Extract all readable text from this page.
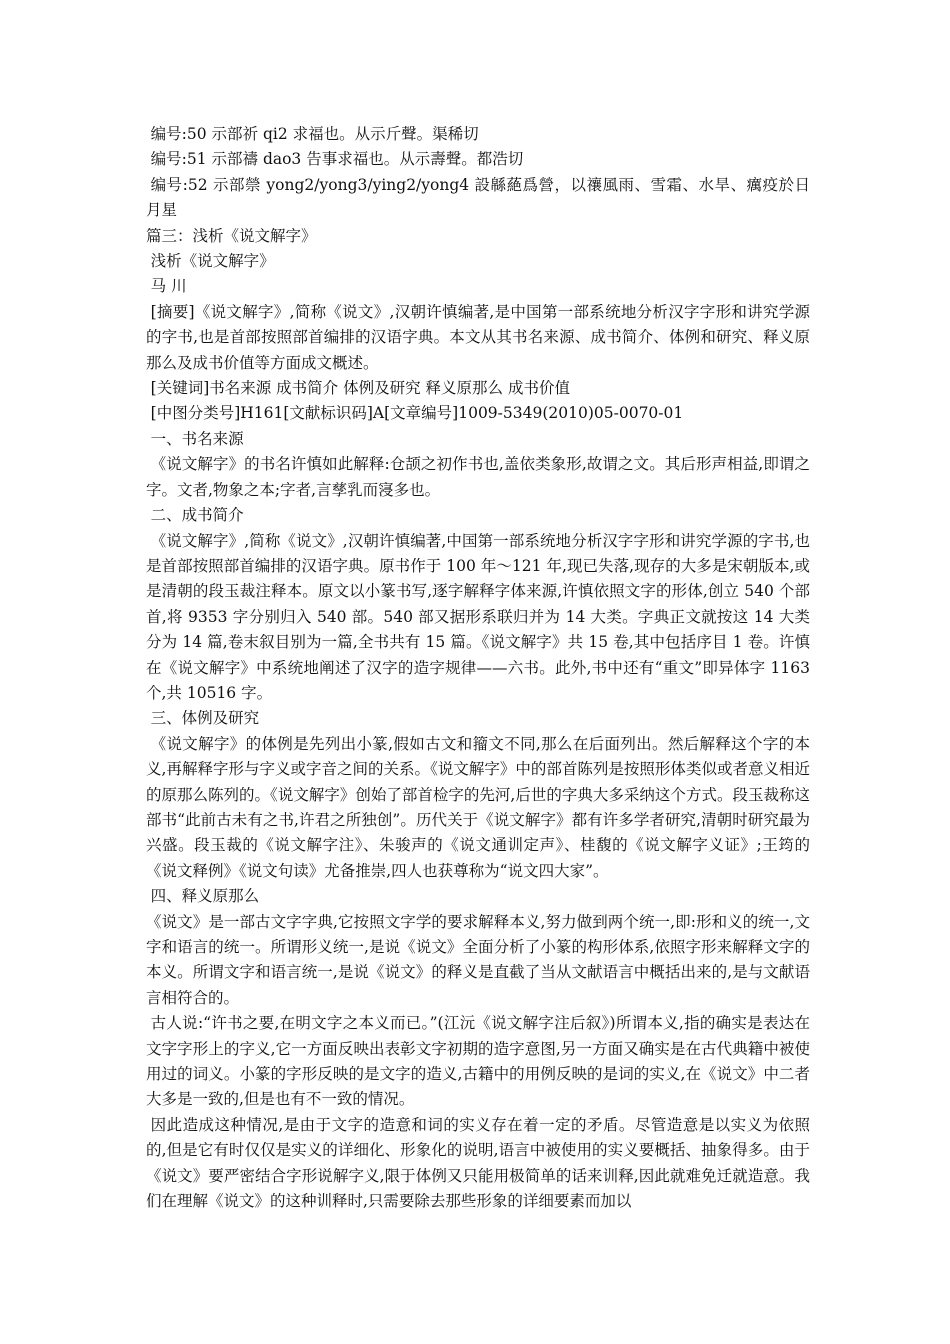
编号:50 示部祈 qi2 求福也。从示斤聲。渠稀切

编号:51 示部禱 dao3 告事求福也。从示壽聲。都浩切

编号:52 示部禜 yong2/yong3/ying2/yong4 設緜蕝爲營，以禳風雨、雪霜、水旱、癘疫於日月星

篇三：浅析《说文解字》

浅析《说文解字》

马 川

[摘要]《说文解字》,简称《说文》,汉朝许慎编著,是中国第一部系统地分析汉字字形和讲究学源的字书,也是首部按照部首编排的汉语字典。本文从其书名来源、成书简介、体例和研究、释义原那么及成书价值等方面成文概述。

[关键词]书名来源 成书简介 体例及研究 释义原那么 成书价值

[中图分类号]H161[文献标识码]A[文章编号]1009-5349(2010)05-0070-01

一、书名来源

《说文解字》的书名许慎如此解释:仓颉之初作书也,盖依类象形,故谓之文。其后形声相益,即谓之字。文者,物象之本;字者,言孳乳而寖多也。

二、成书简介

《说文解字》,简称《说文》,汉朝许慎编著,中国第一部系统地分析汉字字形和讲究学源的字书,也是首部按照部首编排的汉语字典。原书作于 100 年～121 年,现已失落,现存的大多是宋朝版本,或是清朝的段玉裁注释本。原文以小篆书写,逐字解释字体来源,许慎依照文字的形体,创立 540 个部首,将 9353 字分别归入 540 部。540 部又据形系联归并为 14 大类。字典正文就按这 14 大类分为 14 篇,卷末叙目别为一篇,全书共有 15 篇。《说文解字》共 15 卷,其中包括序目 1 卷。许慎在《说文解字》中系统地阐述了汉字的造字规律——六书。此外,书中还有“重文”即异体字 1163 个,共 10516 字。

三、体例及研究

《说文解字》的体例是先列出小篆,假如古文和籀文不同,那么在后面列出。然后解释这个字的本义,再解释字形与字义或字音之间的关系。《说文解字》中的部首陈列是按照形体类似或者意义相近的原那么陈列的。《说文解字》创始了部首检字的先河,后世的字典大多采纳这个方式。段玉裁称这部书“此前古未有之书,许君之所独创”。历代关于《说文解字》都有许多学者研究,清朝时研究最为兴盛。段玉裁的《说文解字注》、朱骏声的《说文通训定声》、桂馥的《说文解字义证》;王筠的《说文释例》《说文句读》尤备推崇,四人也获尊称为“说文四大家”。

四、释义原那么

《说文》是一部古文字字典,它按照文字学的要求解释本义,努力做到两个统一,即:形和义的统一,文字和语言的统一。所谓形义统一,是说《说文》全面分析了小篆的构形体系,依照字形来解释文字的本义。所谓文字和语言统一,是说《说文》的释义是直截了当从文献语言中概括出来的,是与文献语言相符合的。

古人说:“许书之要,在明文字之本义而已。”(江沅《说文解字注后叙》)所谓本义,指的确实是表达在文字字形上的字义,它一方面反映出表彰文字初期的造字意图,另一方面又确实是在古代典籍中被使用过的词义。小篆的字形反映的是文字的造义,古籍中的用例反映的是词的实义,在《说文》中二者大多是一致的,但是也有不一致的情况。

因此造成这种情况,是由于文字的造意和词的实义存在着一定的矛盾。尽管造意是以实义为依照的,但是它有时仅仅是实义的详细化、形象化的说明,语言中被使用的实义要概括、抽象得多。由于《说文》要严密结合字形说解字义,限于体例又只能用极简单的话来训释,因此就难免迁就造意。我们在理解《说文》的这种训释时,只需要除去那些形象的详细要素而加以
